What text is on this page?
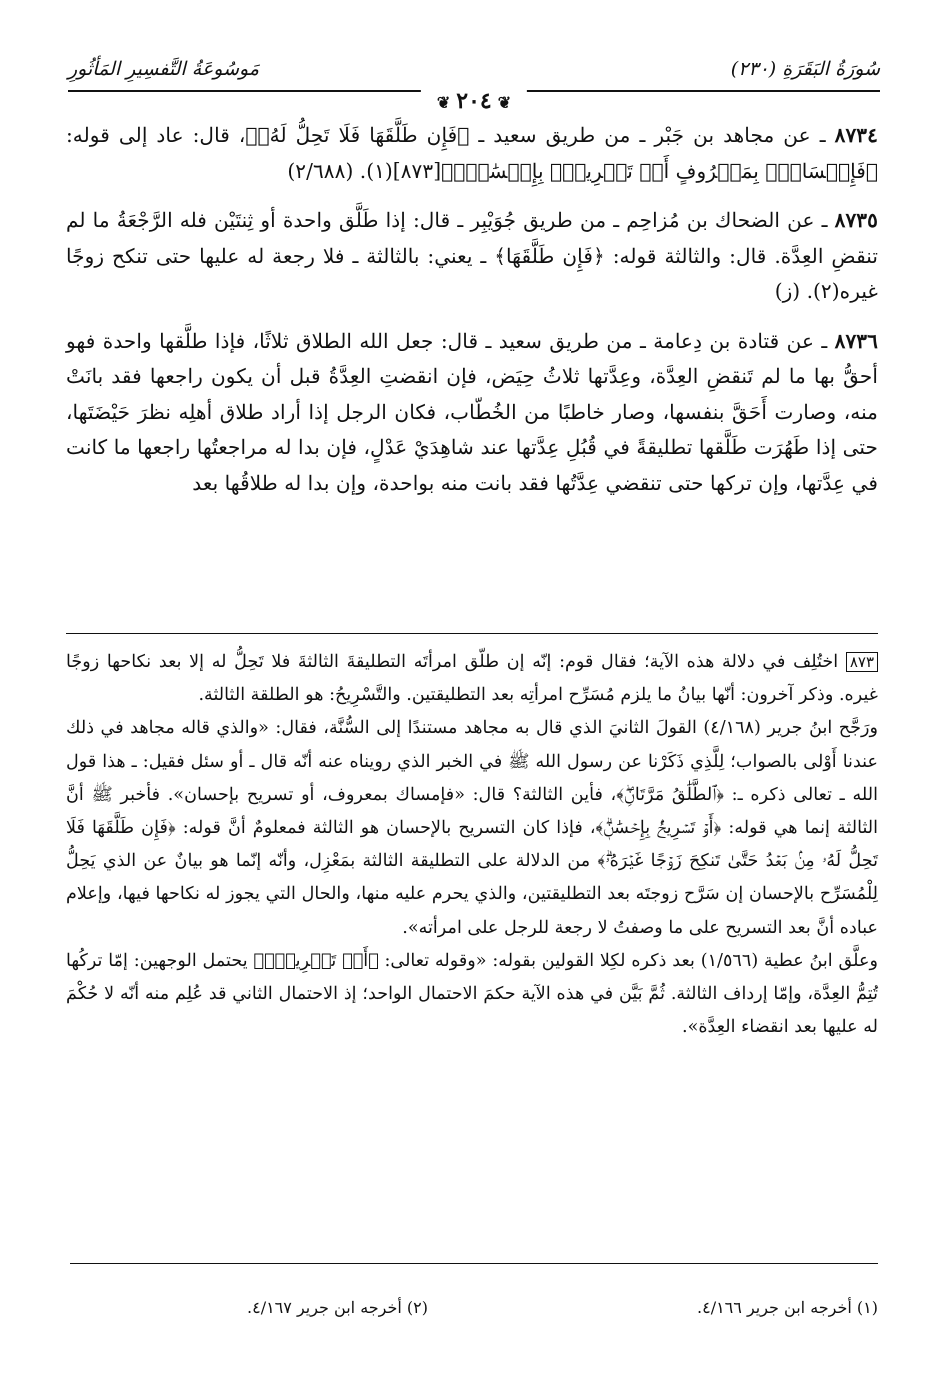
سُورَةُ البَقَرَةِ (٢٣٠)
مَوسُوعَةُ التَّفسِيرِ المَأثُورِ
❦٢٠٤❦

٨٧٣٤ ـ عن مجاهد بن جَبْر ـ من طريق سعيد ـ ﴿فَإِن طَلَّقَهَا فَلَا تَحِلُّ لَهُۥ﴾، قال: عاد إلى قوله: ﴿فَإِمۡسَاكُۢ بِمَعۡرُوفٍ أَوۡ تَسۡرِيحُۢ بِإِحۡسَٰنٖۗ﴾[٨٧٣](١). (٢/٦٨٨)

٨٧٣٥ ـ عن الضحاك بن مُزاحِم ـ من طريق جُوَيْبِر ـ قال: إذا طَلَّق واحدة أو ثِنتَيْن فله الرَّجْعَةُ ما لم تنقضِ العِدَّة. قال: والثالثة قوله: ﴿فَإِن طَلَّقَهَا﴾ ـ يعني: بالثالثة ـ فلا رجعة له عليها حتى تنكح زوجًا غيره(٢). (ز)

٨٧٣٦ ـ عن قتادة بن دِعامة ـ من طريق سعيد ـ قال: جعل الله الطلاق ثلاثًا، فإذا طلَّقها واحدة فهو أحقُّ بها ما لم تَنقضِ العِدَّة، وعِدَّتها ثلاثُ حِيَض، فإن انقضتِ العِدَّةُ قبل أن يكون راجعها فقد بانَتْ منه، وصارت أَحَقَّ بنفسها، وصار خاطبًا من الخُطّاب، فكان الرجل إذا أراد طلاق أهلِه نظرَ حَيْضَتَها، حتى إذا طَهُرَت طَلَّقها تطليقةً في قُبُلِ عِدَّتها عند شاهِدَيْ عَدْلٍ، فإن بدا له مراجعتُها راجعها ما كانت في عِدَّتها، وإن تركها حتى تنقضي عِدَّتُها فقد بانت منه بواحدة، وإن بدا له طلاقُها بعد

٨٧٣ اختُلِف في دلالة هذه الآية؛ فقال قوم: إنّه إن طلّق امرأتَه التطليقةَ الثالثةَ فلا تَحِلُّ له إلا بعد نكاحها زوجًا غيره. وذكر آخرون: أنّها بيانُ ما يلزم مُسَرِّح امرأتِه بعد التطليقتين. والتَّسْرِيحُ: هو الطلقة الثالثة.

ورَجَّح ابنُ جرير (٤/١٦٨) القولَ الثانيَ الذي قال به مجاهد مستندًا إلى السُّنَّة، فقال: «والذي قاله مجاهد في ذلك عندنا أَوْلى بالصواب؛ لِلَّذِي ذَكَرْنا عن رسول الله ﷺ في الخبر الذي رويناه عنه أنّه قال ـ أو سئل فقيل: ـ هذا قول الله ـ تعالى ذكره ـ: ﴿ٱلطَّلَٰقُ مَرَّتَانِۖ﴾، فأين الثالثة؟ قال: «فإمساك بمعروف، أو تسريح بإحسان». فأخبر ﷺ أنَّ الثالثة إنما هي قوله: ﴿أَوۡ تَسۡرِيحُۢ بِإِحۡسَٰنٖۗ﴾، فإذا كان التسريح بالإحسان هو الثالثة فمعلومٌ أنَّ قوله: ﴿فَإِن طَلَّقَهَا فَلَا تَحِلُّ لَهُۥ مِنۢ بَعۡدُ حَتَّىٰ تَنكِحَ زَوۡجًا غَيۡرَهُۥۗ﴾ من الدلالة على التطليقة الثالثة بمَعْزِل، وأنّه إنّما هو بيانٌ عن الذي يَحِلُّ لِلْمُسَرِّح بالإحسان إن سَرَّح زوجتَه بعد التطليقتين، والذي يحرم عليه منها، والحال التي يجوز له نكاحها فيها، وإعلام عباده أنَّ بعد التسريح على ما وصفتُ لا رجعة للرجل على امرأته».

وعلَّق ابنُ عطية (١/٥٦٦) بعد ذكره لكِلا القولين بقوله: «وقوله تعالى: ﴿أَوۡ تَسۡرِيحُۢ﴾ يحتمل الوجهين: إمّا تركُها تُتِمُّ العِدَّة، وإمّا إرداف الثالثة. ثُمَّ بَيَّن في هذه الآية حكمَ الاحتمال الواحد؛ إذ الاحتمال الثاني قد عُلِم منه أنّه لا حُكْمَ له عليها بعد انقضاء العِدَّة».

(١) أخرجه ابن جرير ٤/١٦٦.
(٢) أخرجه ابن جرير ٤/١٦٧.
